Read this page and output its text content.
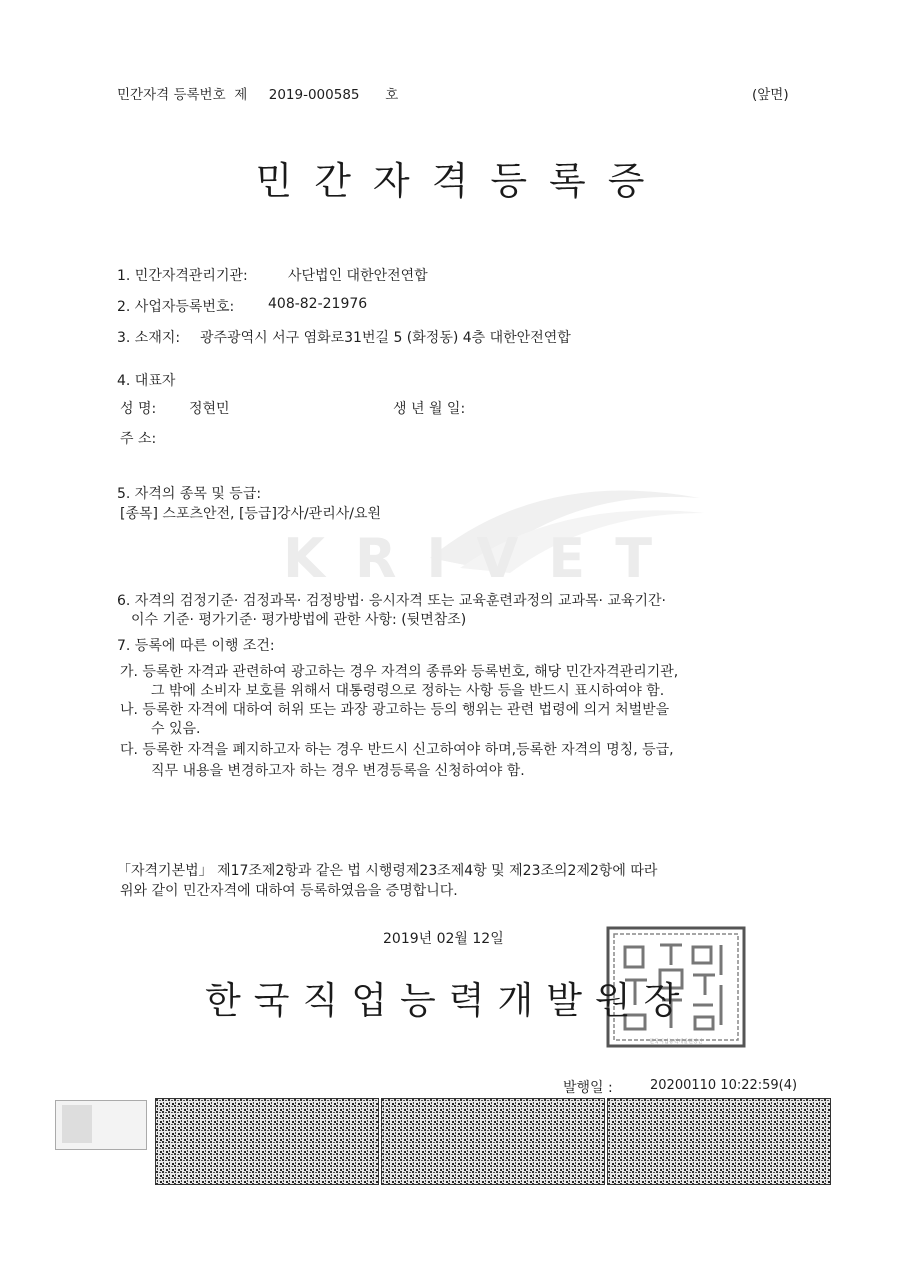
민간자격 등록번호 제 2019-000585 호	(앞면)
민간자격등록증
KRIVET
1. 민간자격관리기관:	사단법인 대한안전연합
2. 사업자등록번호: 408-82-21976
3. 소재지: 광주광역시 서구 염화로31번길 5 (화정동) 4층 대한안전연합
4. 대표자
성 명: 정현민	생 년 월 일:
주 소:
5. 자격의 종목 및 등급:
[종목] 스포츠안전, [등급]강사/관리사/요원
6. 자격의 검정기준· 검정과목· 검정방법· 응시자격 또는 교육훈련과정의 교과목· 교육기간·
이수 기준· 평가기준· 평가방법에 관한 사항: (뒷면참조)
7. 등록에 따른 이행 조건:
가. 등록한 자격과 관련하여 광고하는 경우 자격의 종류와 등록번호, 해당 민간자격관리기관,
그 밖에 소비자 보호를 위해서 대통령령으로 정하는 사항 등을 반드시 표시하여야 함.
나. 등록한 자격에 대하여 허위 또는 과장 광고하는 등의 행위는 관련 법령에 의거 처벌받을
수 있음.
다. 등록한 자격을 폐지하고자 하는 경우 반드시 신고하여야 하며,등록한 자격의 명칭, 등급,
직무 내용을 변경하고자 하는 경우 변경등록을 신청하여야 함.
「자격기본법」 제17조제2항과 같은 법 시행령제23조제4항 및 제23조의2제2항에 따라
위와 같이 민간자격에 대하여 등록하였음을 증명합니다.
2019년 02월 12일
한국직업능력개발원장인
한국직업능력개발원장
발행일 :	20200110 10:22:59(4)
